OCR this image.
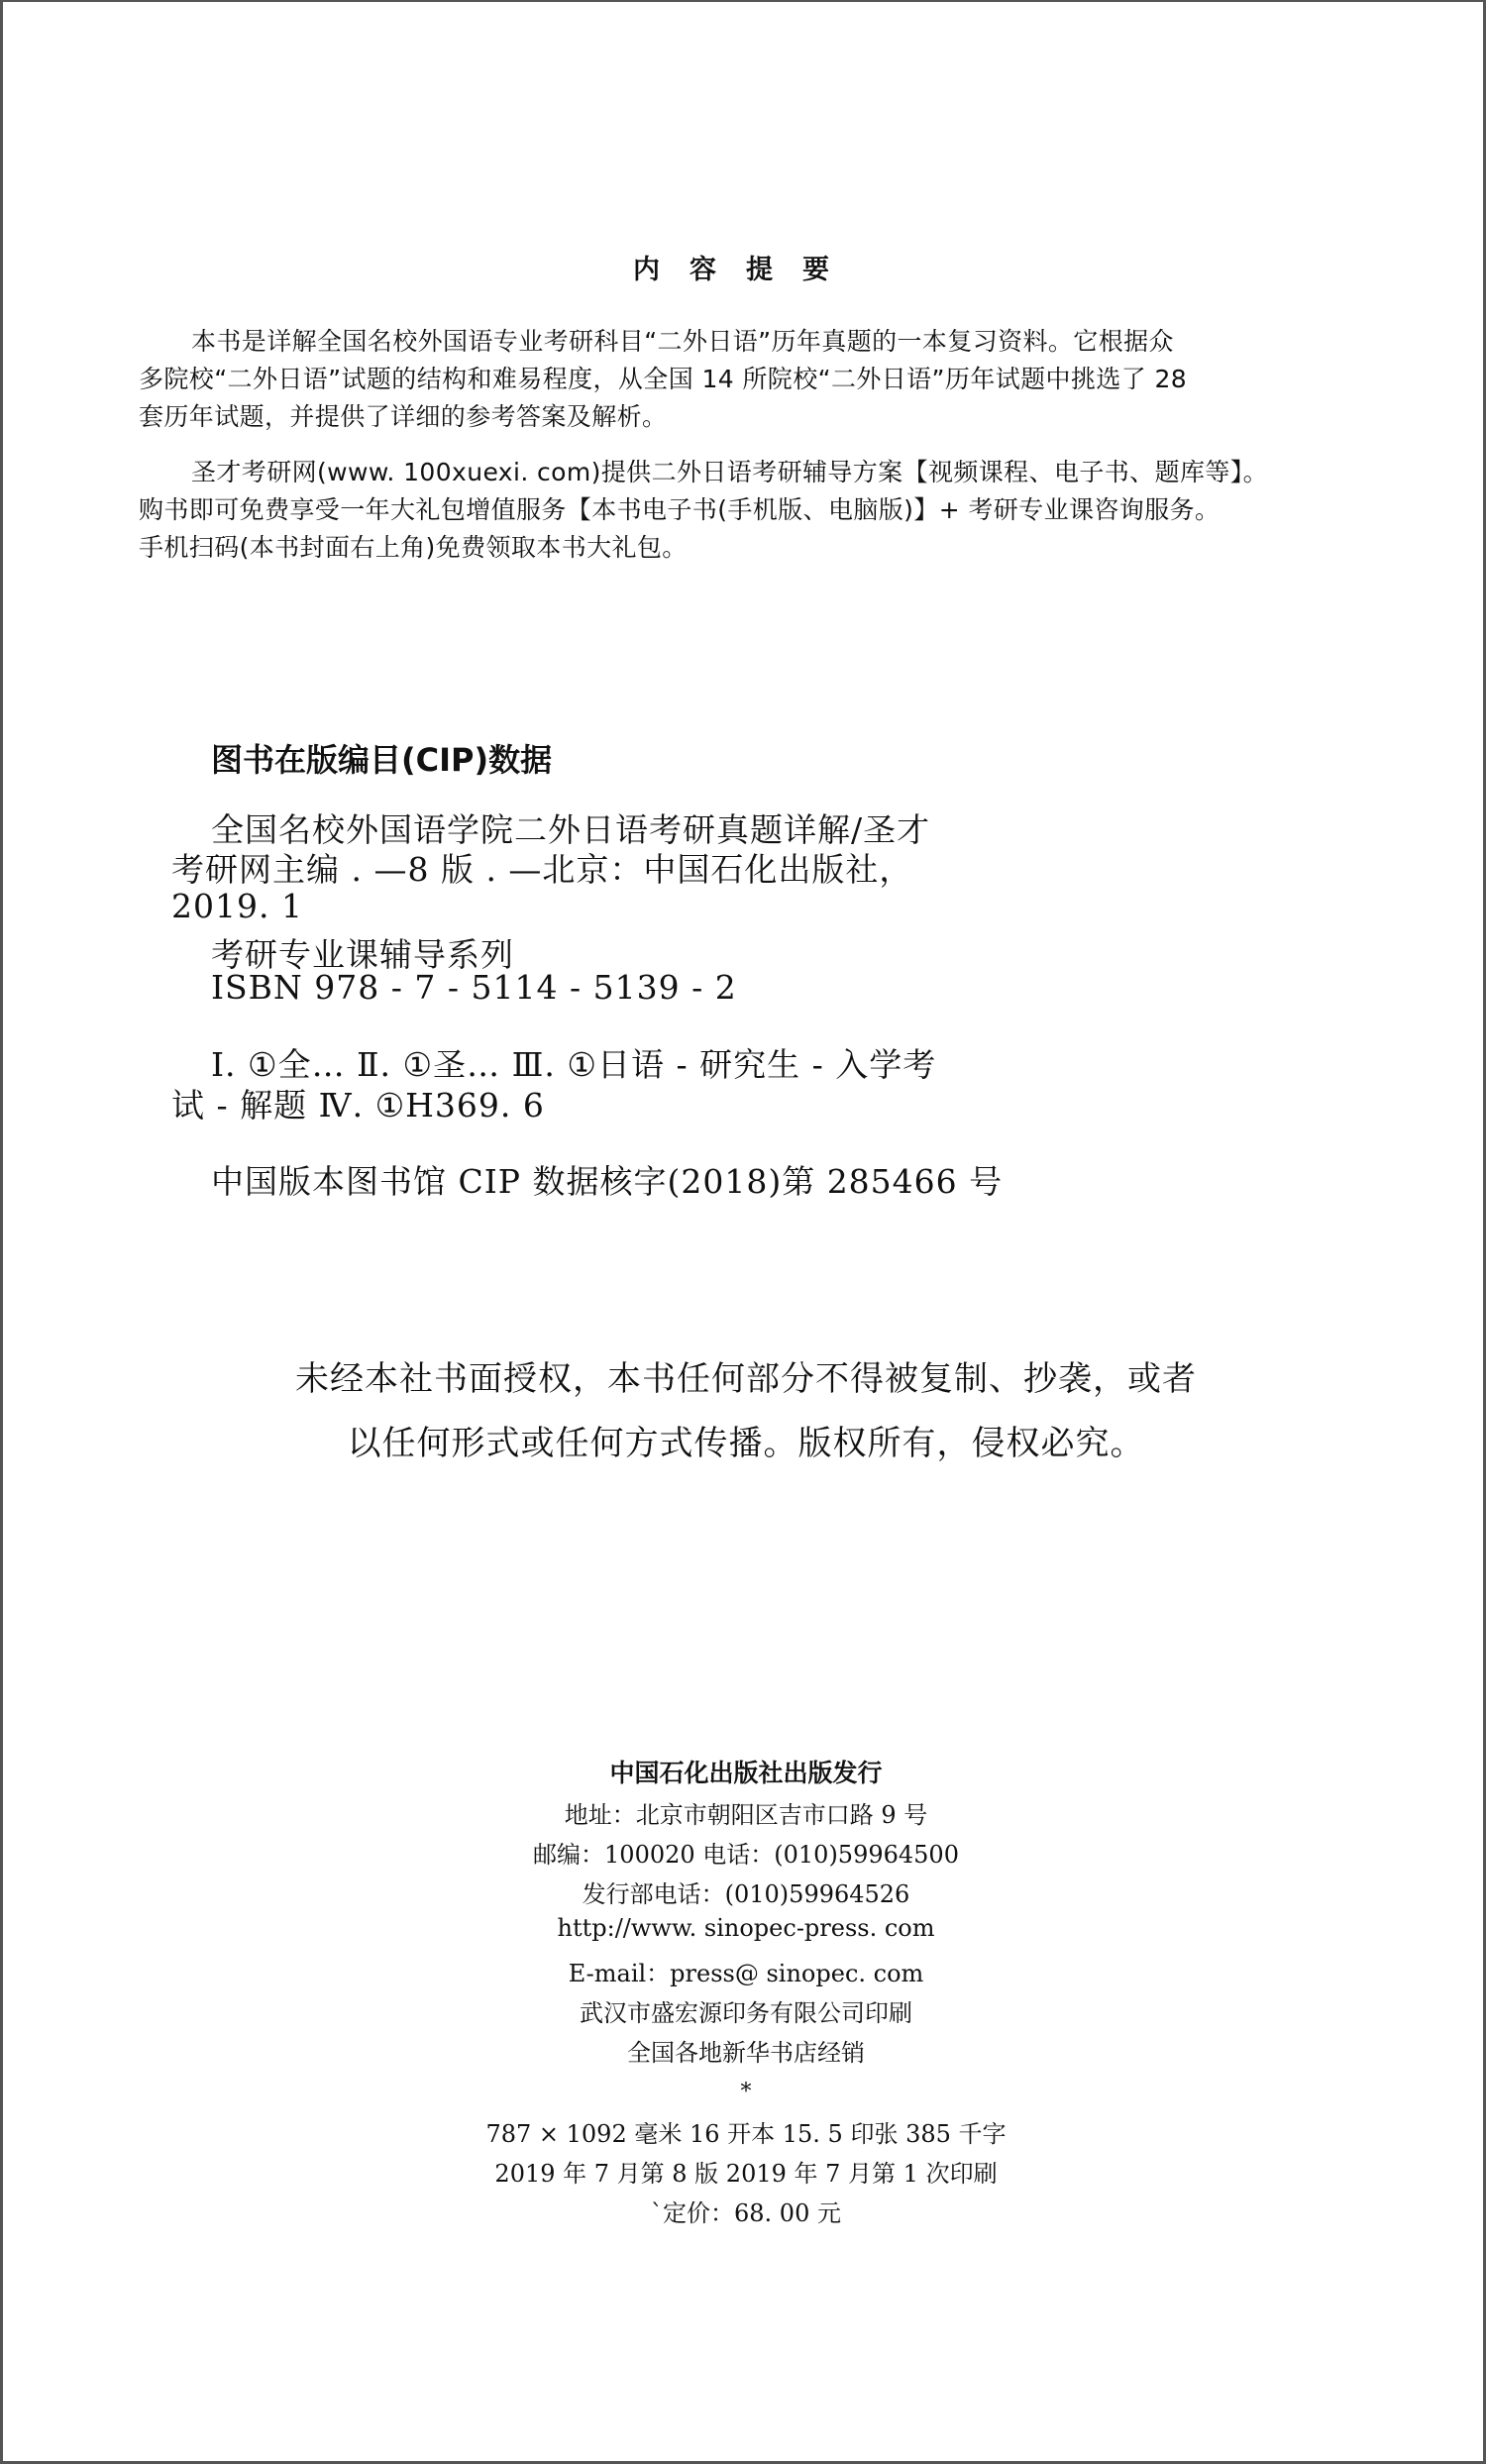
内容提要
本书是详解全国名校外国语专业考研科目“二外日语”历年真题的一本复习资料。它根据众
多院校“二外日语”试题的结构和难易程度，从全国 14 所院校“二外日语”历年试题中挑选了 28
套历年试题，并提供了详细的参考答案及解析。
圣才考研网(www. 100xuexi. com)提供二外日语考研辅导方案【视频课程、电子书、题库等】。
购书即可免费享受一年大礼包增值服务【本书电子书(手机版、电脑版)】+ 考研专业课咨询服务。
手机扫码(本书封面右上角)免费领取本书大礼包。
图书在版编目(CIP)数据
全国名校外国语学院二外日语考研真题详解/圣才
考研网主编 . —8 版 . —北京：中国石化出版社，
2019. 1
考研专业课辅导系列
ISBN 978 - 7 - 5114 - 5139 - 2
Ⅰ. ①全… Ⅱ. ①圣… Ⅲ. ①日语 - 研究生 - 入学考
试 - 解题 Ⅳ. ①H369. 6
中国版本图书馆 CIP 数据核字(2018)第 285466 号
未经本社书面授权，本书任何部分不得被复制、抄袭，或者
以任何形式或任何方式传播。版权所有，侵权必究。
中国石化出版社出版发行
地址：北京市朝阳区吉市口路 9 号
邮编：100020 电话：(010)59964500
发行部电话：(010)59964526
http://www. sinopec-press. com
E-mail：press@ sinopec. com
武汉市盛宏源印务有限公司印刷
全国各地新华书店经销
*
787 × 1092 毫米 16 开本 15. 5 印张 385 千字
2019 年 7 月第 8 版 2019 年 7 月第 1 次印刷
`定价：68. 00 元
